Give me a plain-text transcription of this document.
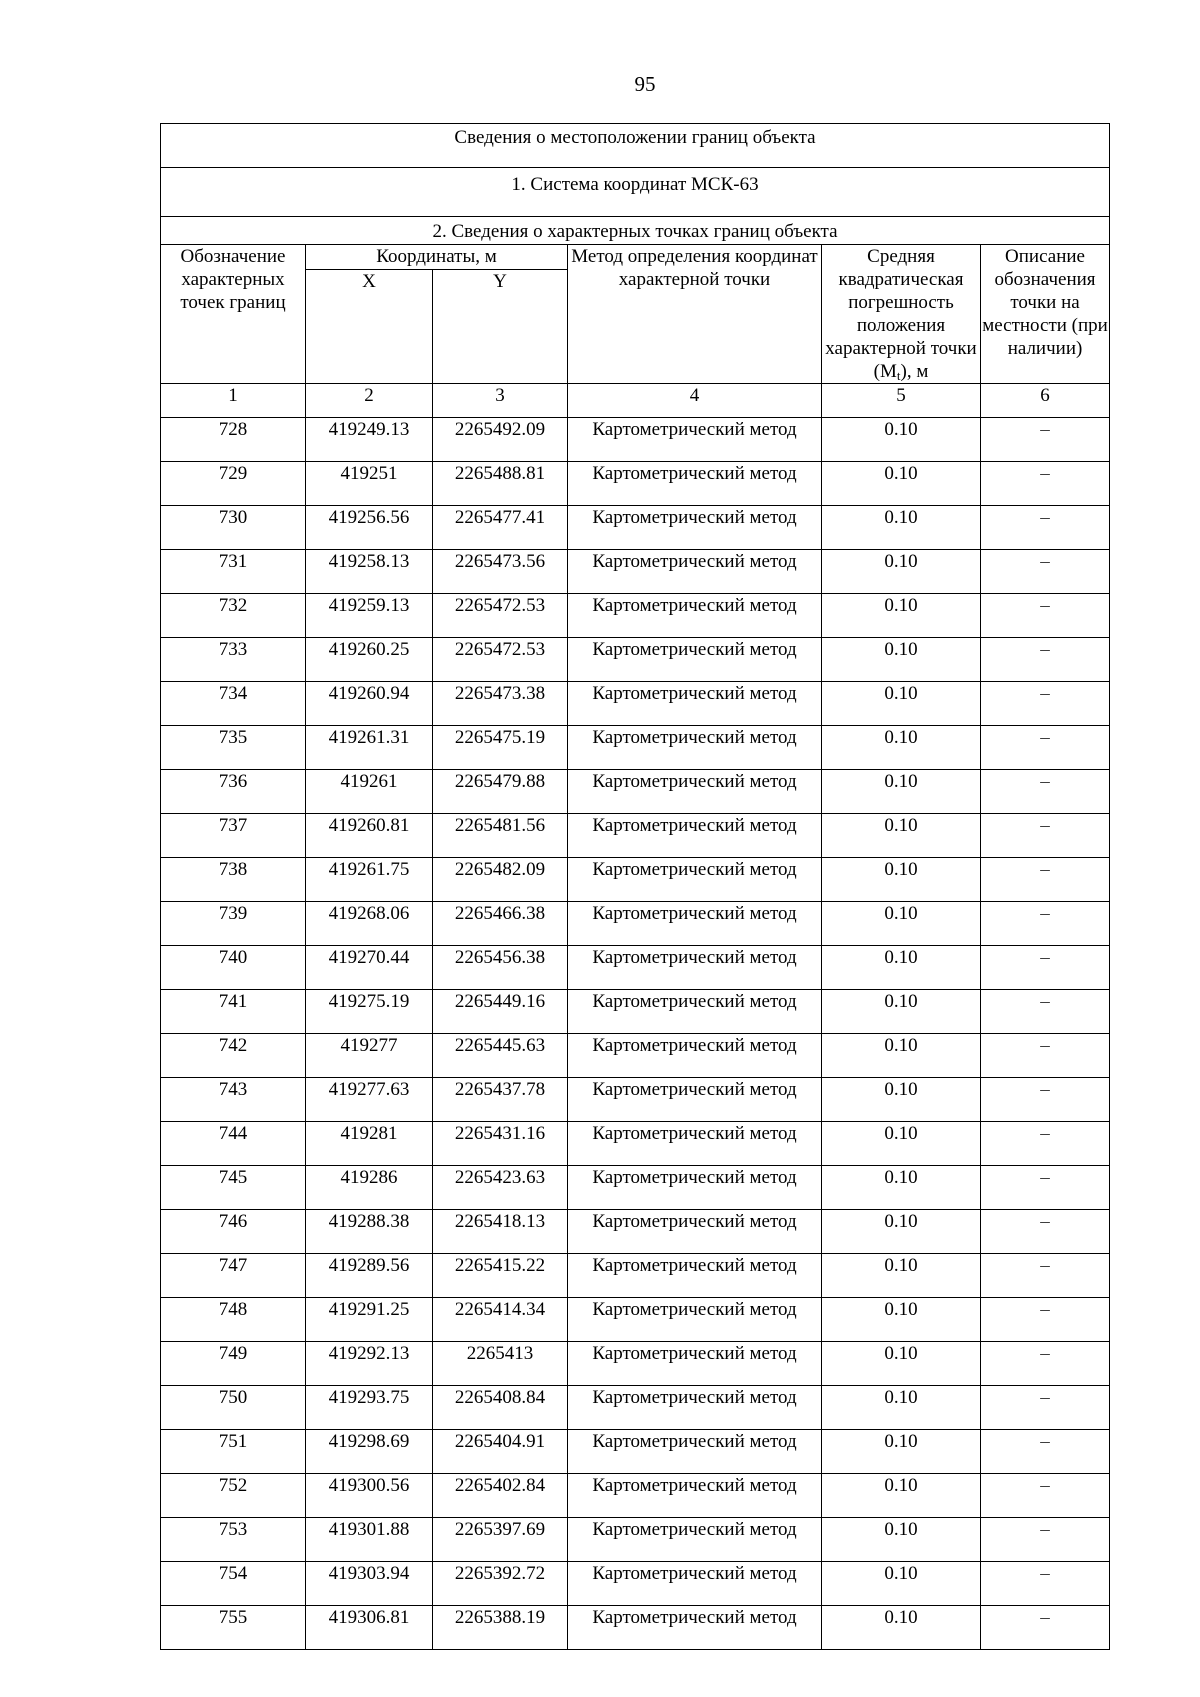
95
Сведения о местоположении границ объекта					
1. Система координат МСК-63					
2. Сведения о характерных точках границ объекта					
Обозначение характерных точек границ	Координаты, м		Метод определения координат характерной точки	Средняя квадратическая погрешность положения характерной точки $(M_t)$, м	Описание обозначения точки на местности (при наличии)
	X	Y			
1	2	3	4	5	6
728	419249.13	2265492.09	Картометрический метод	0.10	–
729	419251	2265488.81	Картометрический метод	0.10	–
730	419256.56	2265477.41	Картометрический метод	0.10	–
731	419258.13	2265473.56	Картометрический метод	0.10	–
732	419259.13	2265472.53	Картометрический метод	0.10	–
733	419260.25	2265472.53	Картометрический метод	0.10	–
734	419260.94	2265473.38	Картометрический метод	0.10	–
735	419261.31	2265475.19	Картометрический метод	0.10	–
736	419261	2265479.88	Картометрический метод	0.10	–
737	419260.81	2265481.56	Картометрический метод	0.10	–
738	419261.75	2265482.09	Картометрический метод	0.10	–
739	419268.06	2265466.38	Картометрический метод	0.10	–
740	419270.44	2265456.38	Картометрический метод	0.10	–
741	419275.19	2265449.16	Картометрический метод	0.10	–
742	419277	2265445.63	Картометрический метод	0.10	–
743	419277.63	2265437.78	Картометрический метод	0.10	–
744	419281	2265431.16	Картометрический метод	0.10	–
745	419286	2265423.63	Картометрический метод	0.10	–
746	419288.38	2265418.13	Картометрический метод	0.10	–
747	419289.56	2265415.22	Картометрический метод	0.10	–
748	419291.25	2265414.34	Картометрический метод	0.10	–
749	419292.13	2265413	Картометрический метод	0.10	–
750	419293.75	2265408.84	Картометрический метод	0.10	–
751	419298.69	2265404.91	Картометрический метод	0.10	–
752	419300.56	2265402.84	Картометрический метод	0.10	–
753	419301.88	2265397.69	Картометрический метод	0.10	–
754	419303.94	2265392.72	Картометрический метод	0.10	–
755	419306.81	2265388.19	Картометрический метод	0.10	–
